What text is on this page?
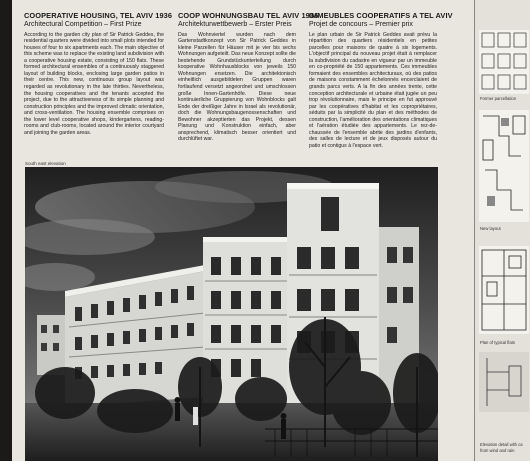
COOPERATIVE HOUSING, TEL AVIV 1936
Architectural Competition – First Prize

According to the garden city plan of Sir Patrick Geddes, the residential quarters were divided into small plots intended for houses of four to six apartments each. The main objective of this scheme was to replace the existing land subdivision with a cooperative housing estate, consisting of 150 flats. These formed architectural ensembles of a continuously staggered layout of building blocks, enclosing large garden patios in their centre. This new, continuous group layout was regarded as revolutionary in the late thirties. Nevertheless, the housing cooperatives and the tenants accepted the project, due to the attractiveness of its simple planning and construction principles and the improved climatic orientation, and cross-ventilation. The housing ensemble comprises on the lower level cooperative shops, kindergartens, reading-rooms and club-rooms, located around the interior courtyard and joining the garden areas.

COOP WOHNUNGSBAU TEL AVIV 1936
Architekturwettbewerb – Erster Preis

Das Wohnviertel wurden nach dem Gartenstadtkonzept von Sir Patrick Geddes in kleine Parzellen für Häuser mit je vier bis sechs Wohnungen aufgeteilt. Das neue Konzept sollte die bestehende Grundstückunterteilung durch kooperative Wohnhausblocks von jeweils 150 Wohnungen ersetzen. Die architektonisch einheitlich ausgebildeten Gruppen waren fortlaufend versetzt angeordnet und umschlossen große Innen-Gartenhöfe. Diese neue kontinuierliche Gruppierung von Wohnblocks galt Ende der dreißiger Jahre in Israel als revolutionär, doch die Wohnungsbaugenossenschaften und Bewohner akzeptierten das Projekt, dessen Planung und Konstruktion einfach, aber ansprechend, klimatisch besser orientiert und durchlüftet war.

IMMEUBLES COOPERATIFS A TEL AVIV
Projet de concours – Premier prix

Le plan urbain de Sir Patrick Geddes avait prévu la répartition des quartiers résidentiels en petites parcelles pour maisons de quatre à six logements. L'objectif principal du nouveau projet était à remplacer la subdivision du cadastre en vigueur par un immeuble en co-propriété de 150 appartements. Ces immeubles formaient des ensembles architecturaux, où des patios de maisons constamment échelonnés encerclaient de grands parcs verts. A la fin des années trente, cette conception architecturale et urbaine était jugée un peu trop révolutionnaire, mais le principe en fut approuvé par les coopératives d'habitat et les copropriétaires, séduits par la simplicité du plan et des méthodes de construction, l'amélioration des orientations climatiques et l'aération étudiée des appartements. Le rez-de-chaussée de l'ensemble abrite des jardins d'enfants, des salles de lecture et de jeux disposés autour du patio et contigus à l'espace vert.

South east elevation
Former parcellation
New layout
Plan of typical flats
Elevation detail with ca
from wind and rain
